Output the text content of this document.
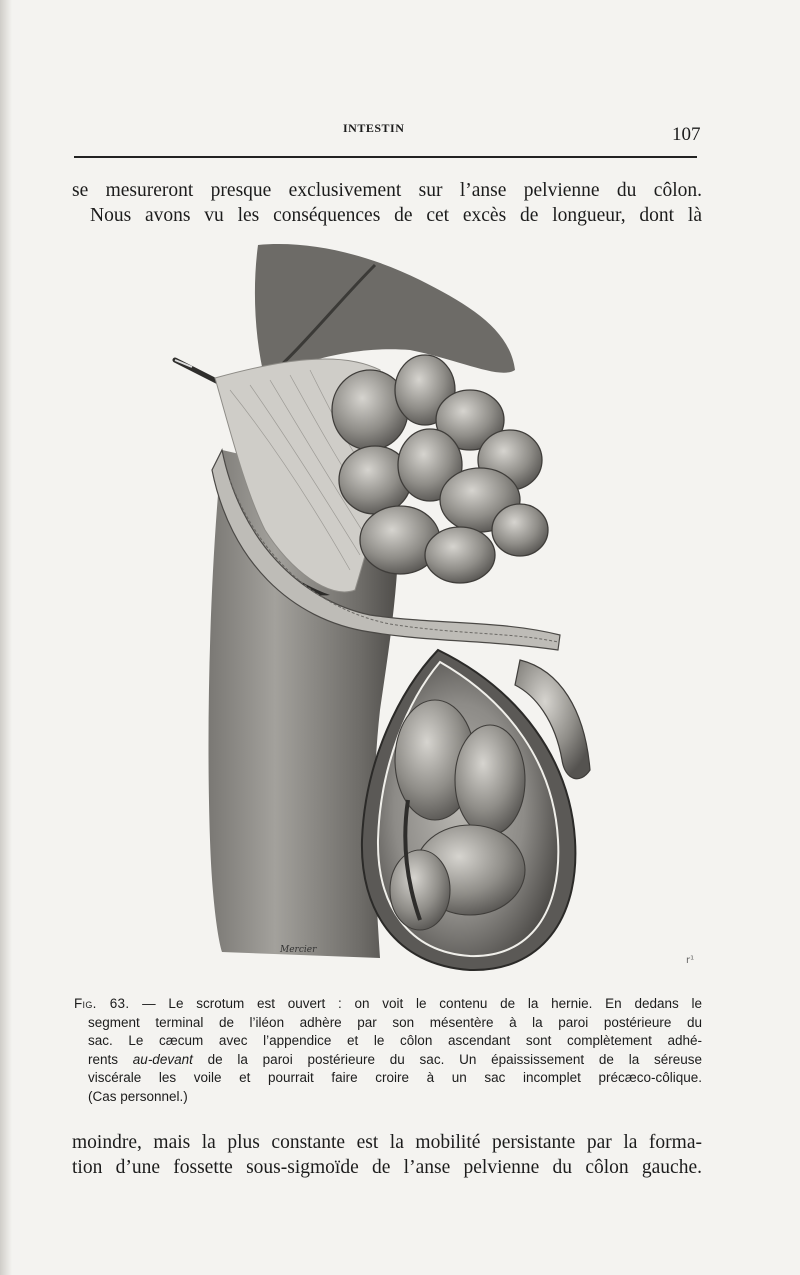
INTESTIN	107
se mesureront presque exclusivement sur l’anse pelvienne du côlon.
Nous avons vu les conséquences de cet excès de longueur, dont là
Mercier
r¹
Fig. 63. — Le scrotum est ouvert : on voit le contenu de la hernie. En dedans le
segment terminal de l’iléon adhère par son mésentère à la paroi postérieure du
sac. Le cæcum avec l’appendice et le côlon ascendant sont complètement adhé-
rents au-devant de la paroi postérieure du sac. Un épaississement de la séreuse
viscérale les voile et pourrait faire croire à un sac incomplet précæco-côlique.
(Cas personnel.)
moindre, mais la plus constante est la mobilité persistante par la forma-
tion d’une fossette sous-sigmoïde de l’anse pelvienne du côlon gauche.
